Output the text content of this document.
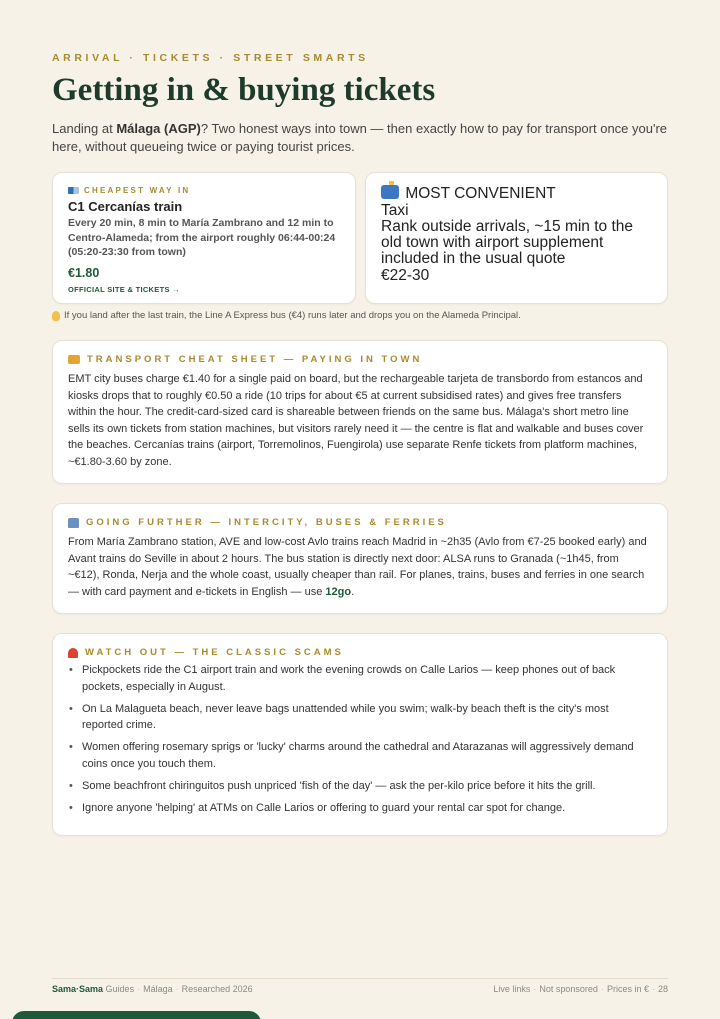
ARRIVAL · TICKETS · STREET SMARTS
Getting in & buying tickets

Landing at Málaga (AGP)? Two honest ways into town — then exactly how to pay for transport once you're here, without queueing twice or paying tourist prices.

CHEAPEST WAY IN
C1 Cercanías train
Every 20 min, 8 min to María Zambrano and 12 min to Centro-Alameda; from the airport roughly 06:44-00:24 (05:20-23:30 from town)
€1.80
OFFICIAL SITE & TICKETS →
MOST CONVENIENT
Taxi
Rank outside arrivals, ~15 min to the old town with airport supplement included in the usual quote
€22-30
If you land after the last train, the Line A Express bus (€4) runs later and drops you on the Alameda Principal.
TRANSPORT CHEAT SHEET — PAYING IN TOWN

EMT city buses charge €1.40 for a single paid on board, but the rechargeable tarjeta de transbordo from estancos and kiosks drops that to roughly €0.50 a ride (10 trips for about €5 at current subsidised rates) and gives free transfers within the hour. The credit-card-sized card is shareable between friends on the same bus. Málaga's short metro line sells its own tickets from station machines, but visitors rarely need it — the centre is flat and walkable and buses cover the beaches. Cercanías trains (airport, Torremolinos, Fuengirola) use separate Renfe tickets from platform machines, ~€1.80-3.60 by zone.

GOING FURTHER — INTERCITY, BUSES & FERRIES

From María Zambrano station, AVE and low-cost Avlo trains reach Madrid in ~2h35 (Avlo from €7-25 booked early) and Avant trains do Seville in about 2 hours. The bus station is directly next door: ALSA runs to Granada (~1h45, from ~€12), Ronda, Nerja and the whole coast, usually cheaper than rail. For planes, trains, buses and ferries in one search — with card payment and e-tickets in English — use 12go.

WATCH OUT — THE CLASSIC SCAMS
• Pickpockets ride the C1 airport train and work the evening crowds on Calle Larios — keep phones out of back pockets, especially in August.
• On La Malagueta beach, never leave bags unattended while you swim; walk-by beach theft is the city's most reported crime.
• Women offering rosemary sprigs or 'lucky' charms around the cathedral and Atarazanas will aggressively demand coins once you touch them.
• Some beachfront chiringuitos push unpriced 'fish of the day' — ask the per-kilo price before it hits the grill.
• Ignore anyone 'helping' at ATMs on Calle Larios or offering to guard your rental car spot for change.
Sama·Sama Guides · Málaga · Researched 2026	Live links · Not sponsored · Prices in € · 28
